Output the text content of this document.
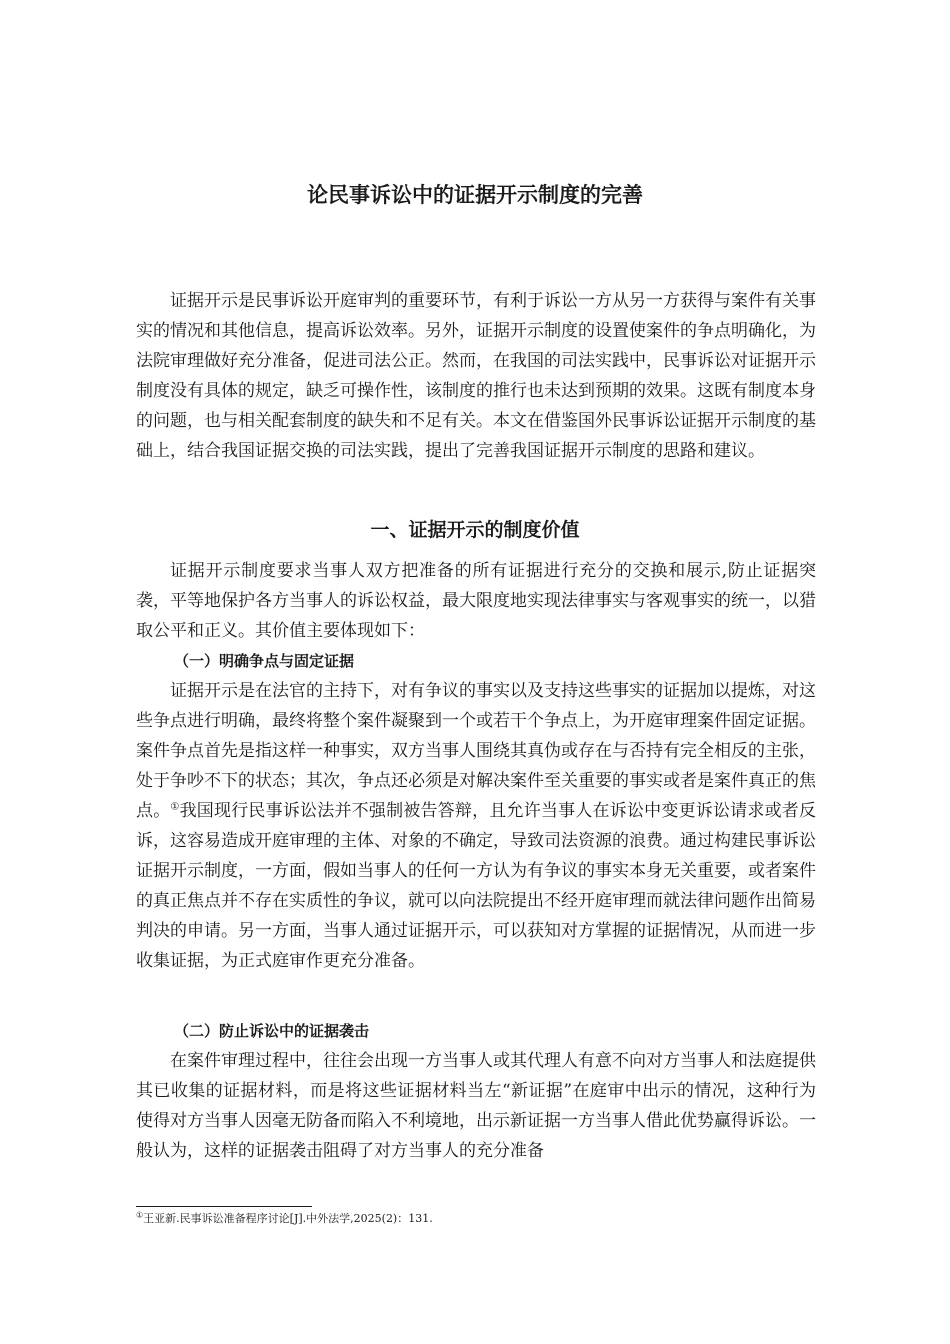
论民事诉讼中的证据开示制度的完善

证据开示是民事诉讼开庭审判的重要环节，有利于诉讼一方从另一方获得与案件有关事实的情况和其他信息，提高诉讼效率。另外，证据开示制度的设置使案件的争点明确化，为法院审理做好充分准备，促进司法公正。然而，在我国的司法实践中，民事诉讼对证据开示制度没有具体的规定，缺乏可操作性，该制度的推行也未达到预期的效果。这既有制度本身的问题，也与相关配套制度的缺失和不足有关。本文在借鉴国外民事诉讼证据开示制度的基础上，结合我国证据交换的司法实践，提出了完善我国证据开示制度的思路和建议。

一、证据开示的制度价值

证据开示制度要求当事人双方把准备的所有证据进行充分的交换和展示,防止证据突袭，平等地保护各方当事人的诉讼权益，最大限度地实现法律事实与客观事实的统一，以猎取公平和正义。其价值主要体现如下：

（一）明确争点与固定证据

证据开示是在法官的主持下，对有争议的事实以及支持这些事实的证据加以提炼，对这些争点进行明确，最终将整个案件凝聚到一个或若干个争点上，为开庭审理案件固定证据。案件争点首先是指这样一种事实，双方当事人围绕其真伪或存在与否持有完全相反的主张，处于争吵不下的状态；其次，争点还必须是对解决案件至关重要的事实或者是案件真正的焦点。①我国现行民事诉讼法并不强制被告答辩，且允许当事人在诉讼中变更诉讼请求或者反诉，这容易造成开庭审理的主体、对象的不确定，导致司法资源的浪费。通过构建民事诉讼证据开示制度，一方面，假如当事人的任何一方认为有争议的事实本身无关重要，或者案件的真正焦点并不存在实质性的争议，就可以向法院提出不经开庭审理而就法律问题作出简易判决的申请。另一方面，当事人通过证据开示，可以获知对方掌握的证据情况，从而进一步收集证据，为正式庭审作更充分准备。

（二）防止诉讼中的证据袭击

在案件审理过程中，往往会出现一方当事人或其代理人有意不向对方当事人和法庭提供其已收集的证据材料，而是将这些证据材料当左“新证据”在庭审中出示的情况，这种行为使得对方当事人因毫无防备而陷入不利境地，出示新证据一方当事人借此优势赢得诉讼。一般认为，这样的证据袭击阻碍了对方当事人的充分准备

①王亚新.民事诉讼准备程序讨论[J].中外法学,2025(2)：131.
